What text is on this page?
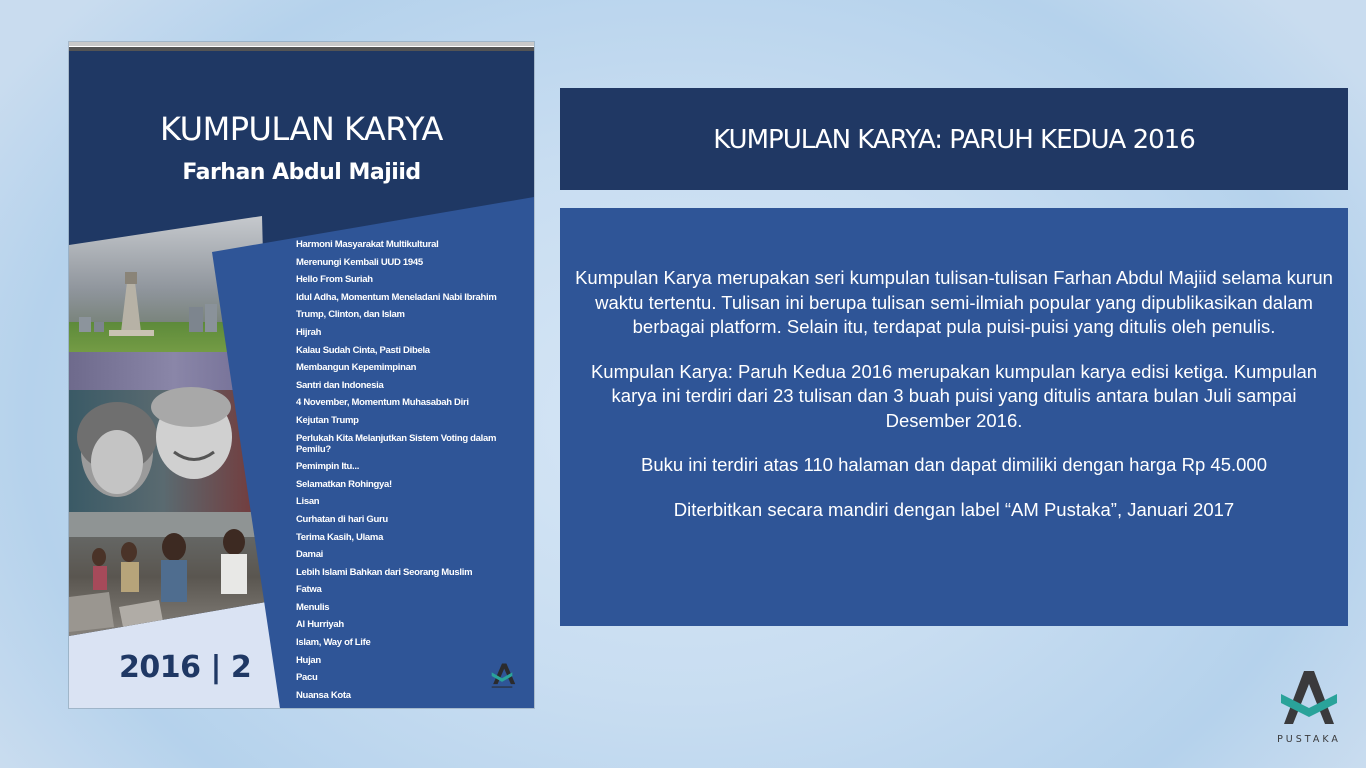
KUMPULAN KARYA
Farhan Abdul Majiid
Harmoni Masyarakat Multikultural
Merenungi Kembali UUD 1945
Hello From Suriah
Idul Adha, Momentum Meneladani Nabi Ibrahim
Trump, Clinton, dan Islam
Hijrah
Kalau Sudah Cinta, Pasti Dibela
Membangun Kepemimpinan
Santri dan Indonesia
4 November, Momentum Muhasabah Diri
Kejutan Trump
Perlukah Kita Melanjutkan Sistem Voting dalam Pemilu?
Pemimpin Itu...
Selamatkan Rohingya!
Lisan
Curhatan di hari Guru
Terima Kasih, Ulama
Damai
Lebih Islami Bahkan dari Seorang Muslim
Fatwa
Menulis
Al Hurriyah
Islam, Way of Life
Hujan
Pacu
Nuansa Kota
2016 | 2
KUMPULAN KARYA: PARUH KEDUA 2016

Kumpulan Karya merupakan seri kumpulan tulisan-tulisan Farhan Abdul Majiid selama kurun waktu tertentu. Tulisan ini berupa tulisan semi-ilmiah popular yang dipublikasikan dalam berbagai platform. Selain itu, terdapat pula puisi-puisi yang ditulis oleh penulis.

Kumpulan Karya: Paruh Kedua 2016 merupakan kumpulan karya edisi ketiga. Kumpulan karya ini terdiri dari 23 tulisan dan 3 buah puisi yang ditulis antara bulan Juli sampai Desember 2016.

Buku ini terdiri atas 110 halaman dan dapat dimiliki dengan harga Rp 45.000

Diterbitkan secara mandiri dengan label “AM Pustaka”, Januari 2017

PUSTAKA
